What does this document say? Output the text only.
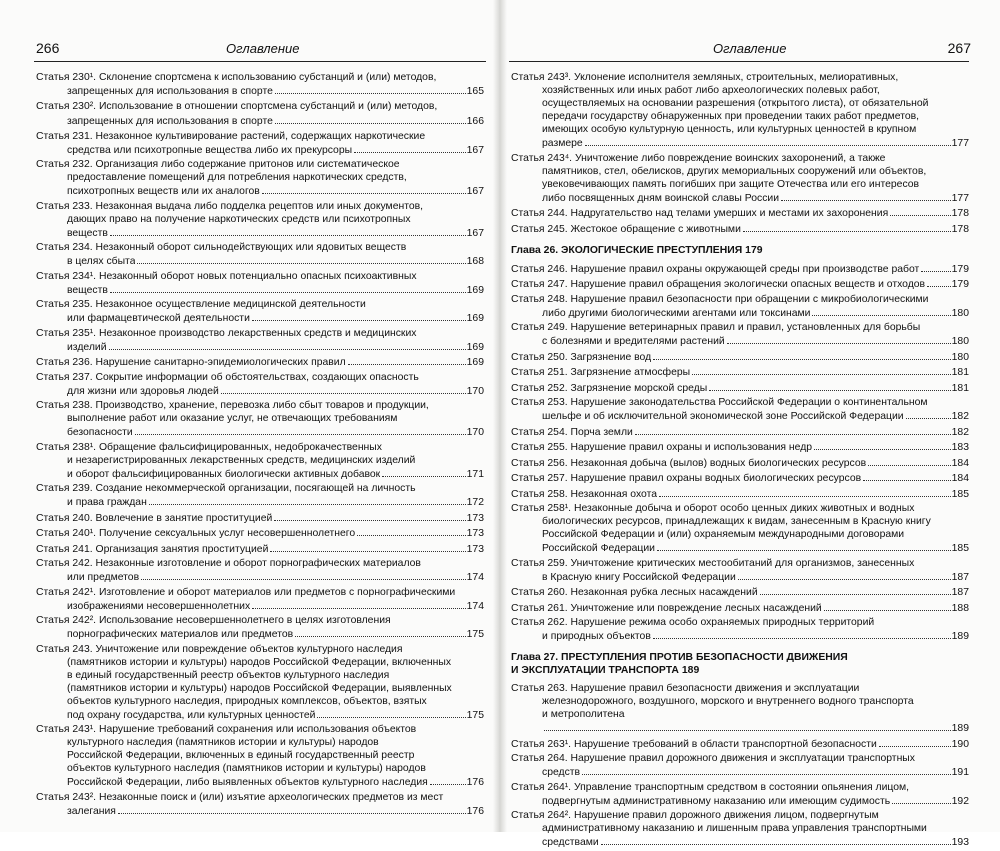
266	Оглавление
Статья 230¹. Склонение спортсмена к использованию субстанций и (или) методов,
запрещенных для использования в спорте	165
Статья 230². Использование в отношении спортсмена субстанций и (или) методов,
запрещенных для использования в спорте	166
Статья 231. Незаконное культивирование растений, содержащих наркотические
средства или психотропные вещества либо их прекурсоры	167
Статья 232. Организация либо содержание притонов или систематическое
предоставление помещений для потребления наркотических средств,
психотропных веществ или их аналогов	167
Статья 233. Незаконная выдача либо подделка рецептов или иных документов,
дающих право на получение наркотических средств или психотропных
веществ	167
Статья 234. Незаконный оборот сильнодействующих или ядовитых веществ
в целях сбыта	168
Статья 234¹. Незаконный оборот новых потенциально опасных психоактивных
веществ	169
Статья 235. Незаконное осуществление медицинской деятельности
или фармацевтической деятельности	169
Статья 235¹. Незаконное производство лекарственных средств и медицинских
изделий	169
Статья 236. Нарушение санитарно-эпидемиологических правил	169
Статья 237. Сокрытие информации об обстоятельствах, создающих опасность
для жизни или здоровья людей	170
Статья 238. Производство, хранение, перевозка либо сбыт товаров и продукции,
выполнение работ или оказание услуг, не отвечающих требованиям
безопасности	170
Статья 238¹. Обращение фальсифицированных, недоброкачественных
и незарегистрированных лекарственных средств, медицинских изделий
и оборот фальсифицированных биологически активных добавок	171
Статья 239. Создание некоммерческой организации, посягающей на личность
и права граждан	172
Статья 240. Вовлечение в занятие проституцией	173
Статья 240¹. Получение сексуальных услуг несовершеннолетнего	173
Статья 241. Организация занятия проституцией	173
Статья 242. Незаконные изготовление и оборот порнографических материалов
или предметов	174
Статья 242¹. Изготовление и оборот материалов или предметов с порнографическими
изображениями несовершеннолетних	174
Статья 242². Использование несовершеннолетнего в целях изготовления
порнографических материалов или предметов	175
Статья 243. Уничтожение или повреждение объектов культурного наследия
(памятников истории и культуры) народов Российской Федерации, включенных
в единый государственный реестр объектов культурного наследия
(памятников истории и культуры) народов Российской Федерации, выявленных
объектов культурного наследия, природных комплексов, объектов, взятых
под охрану государства, или культурных ценностей	175
Статья 243¹. Нарушение требований сохранения или использования объектов
культурного наследия (памятников истории и культуры) народов
Российской Федерации, включенных в единый государственный реестр
объектов культурного наследия (памятников истории и культуры) народов
Российской Федерации, либо выявленных объектов культурного наследия	176
Статья 243². Незаконные поиск и (или) изъятие археологических предметов из мест
залегания	176
Оглавление	267
Статья 243³. Уклонение исполнителя земляных, строительных, мелиоративных,
хозяйственных или иных работ либо археологических полевых работ,
осуществляемых на основании разрешения (открытого листа), от обязательной
передачи государству обнаруженных при проведении таких работ предметов,
имеющих особую культурную ценность, или культурных ценностей в крупном
размере	177
Статья 243⁴. Уничтожение либо повреждение воинских захоронений, а также
памятников, стел, обелисков, других мемориальных сооружений или объектов,
увековечивающих память погибших при защите Отечества или его интересов
либо посвященных дням воинской славы России	177
Статья 244. Надругательство над телами умерших и местами их захоронения	178
Статья 245. Жестокое обращение с животными	178
Глава 26. ЭКОЛОГИЧЕСКИЕ ПРЕСТУПЛЕНИЯ 179
Статья 246. Нарушение правил охраны окружающей среды при производстве работ	179
Статья 247. Нарушение правил обращения экологически опасных веществ и отходов	179
Статья 248. Нарушение правил безопасности при обращении с микробиологическими
либо другими биологическими агентами или токсинами	180
Статья 249. Нарушение ветеринарных правил и правил, установленных для борьбы
с болезнями и вредителями растений	180
Статья 250. Загрязнение вод	180
Статья 251. Загрязнение атмосферы	181
Статья 252. Загрязнение морской среды	181
Статья 253. Нарушение законодательства Российской Федерации о континентальном
шельфе и об исключительной экономической зоне Российской Федерации	182
Статья 254. Порча земли	182
Статья 255. Нарушение правил охраны и использования недр	183
Статья 256. Незаконная добыча (вылов) водных биологических ресурсов	184
Статья 257. Нарушение правил охраны водных биологических ресурсов	184
Статья 258. Незаконная охота	185
Статья 258¹. Незаконные добыча и оборот особо ценных диких животных и водных
биологических ресурсов, принадлежащих к видам, занесенным в Красную книгу
Российской Федерации и (или) охраняемым международными договорами
Российской Федерации	185
Статья 259. Уничтожение критических местообитаний для организмов, занесенных
в Красную книгу Российской Федерации	187
Статья 260. Незаконная рубка лесных насаждений	187
Статья 261. Уничтожение или повреждение лесных насаждений	188
Статья 262. Нарушение режима особо охраняемых природных территорий
и природных объектов	189
Глава 27. ПРЕСТУПЛЕНИЯ ПРОТИВ БЕЗОПАСНОСТИ ДВИЖЕНИЯ
И ЭКСПЛУАТАЦИИ ТРАНСПОРТА 189
Статья 263. Нарушение правил безопасности движения и эксплуатации
железнодорожного, воздушного, морского и внутреннего водного транспорта
и метрополитена
189
Статья 263¹. Нарушение требований в области транспортной безопасности	190
Статья 264. Нарушение правил дорожного движения и эксплуатации транспортных
средств	191
Статья 264¹. Управление транспортным средством в состоянии опьянения лицом,
подвергнутым административному наказанию или имеющим судимость	192
Статья 264². Нарушение правил дорожного движения лицом, подвергнутым
административному наказанию и лишенным права управления транспортными
средствами	193
